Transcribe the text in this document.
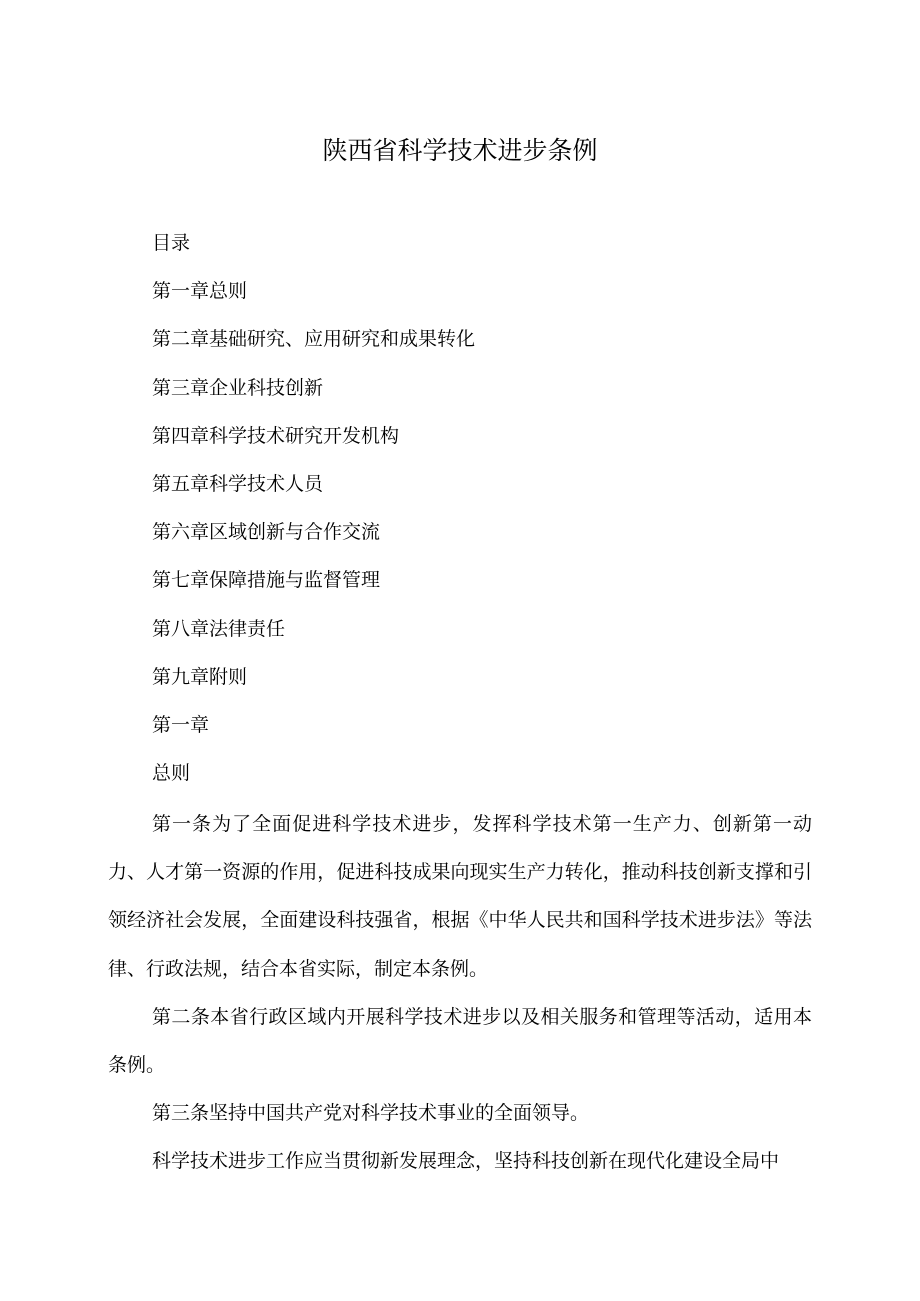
陕西省科学技术进步条例
目录
第一章总则
第二章基础研究、应用研究和成果转化
第三章企业科技创新
第四章科学技术研究开发机构
第五章科学技术人员
第六章区域创新与合作交流
第七章保障措施与监督管理
第八章法律责任
第九章附则
第一章
总则

第一条为了全面促进科学技术进步，发挥科学技术第一生产力、创新第一动力、人才第一资源的作用，促进科技成果向现实生产力转化，推动科技创新支撑和引领经济社会发展，全面建设科技强省，根据《中华人民共和国科学技术进步法》等法律、行政法规，结合本省实际，制定本条例。

第二条本省行政区域内开展科学技术进步以及相关服务和管理等活动，适用本条例。

第三条坚持中国共产党对科学技术事业的全面领导。

科学技术进步工作应当贯彻新发展理念，坚持科技创新在现代化建设全局中
